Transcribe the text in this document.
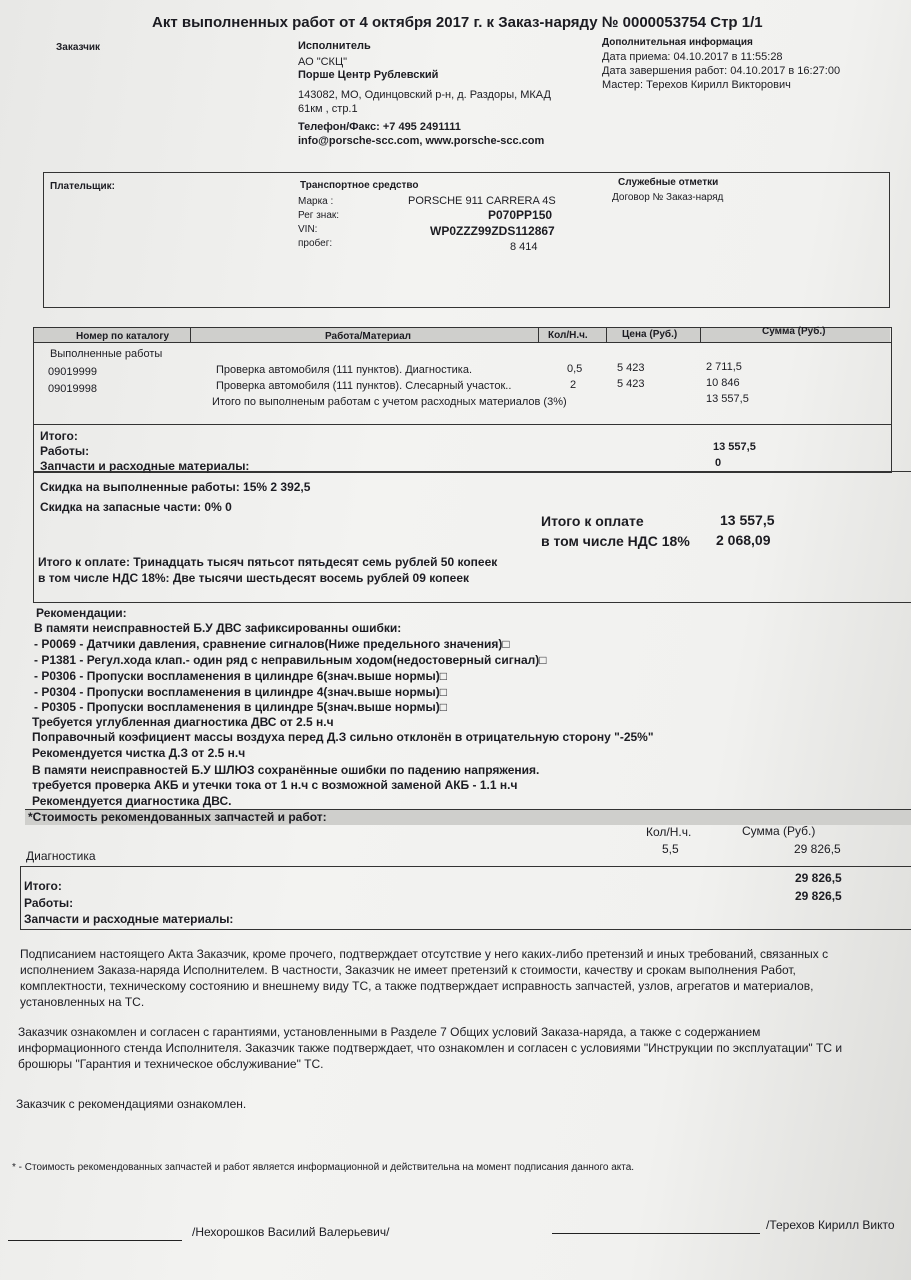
Акт выполненных работ от 4 октября 2017 г. к Заказ-наряду № 0000053754 Стр 1/1
Заказчик	Исполнитель
АО "СКЦ"
Порше Центр Рублевский
143082, МО, Одинцовский р-н, д. Раздоры, МКАД
61км , стр.1
Телефон/Факс: +7 495 2491111
info@porsche-scc.com, www.porsche-scc.com
Дополнительная информация
Дата приема: 04.10.2017 в 11:55:28
Дата завершения работ: 04.10.2017 в 16:27:00
Мастер: Терехов Кирилл Викторович
Плательщик:	Транспортное средство
Марка :	PORSCHE 911 CARRERA 4S
Рег знак:	P070PP150
VIN:	WP0ZZZ99ZDS112867
пробег:	8 414
Служебные отметки
Договор № Заказ-наряд
Номер по каталогу	Работа/Материал	Кол/Н.ч.	Цена (Руб.)	Сумма (Руб.)
Выполненные работы
09019999	Проверка автомобиля (111 пунктов). Диагностика.	0,5	5 423	2 711,5
09019998	Проверка автомобиля (111 пунктов). Слесарный участок..	2	5 423	10 846
Итого по выполненым работам с учетом расходных материалов (3%)	13 557,5
Итого:
Работы:	13 557,5
Запчасти и расходные материалы:	0
Скидка на выполненные работы: 15% 2 392,5
Скидка на запасные части: 0% 0
Итого к оплате	13 557,5
в том числе НДС 18% 2 068,09
Итого к оплате: Тринадцать тысяч пятьсот пятьдесят семь рублей 50 копеек
в том числе НДС 18%: Две тысячи шестьдесят восемь рублей 09 копеек
Рекомендации:
В памяти неисправностей Б.У ДВС зафиксированны ошибки:
- P0069 - Датчики давления, сравнение сигналов(Ниже предельного значения)□
- P1381 - Регул.хода клап.- один ряд с неправильным ходом(недостоверный сигнал)□
- P0306 - Пропуски воспламенения в цилиндре 6(знач.выше нормы)□
- P0304 - Пропуски воспламенения в цилиндре 4(знач.выше нормы)□
- P0305 - Пропуски воспламенения в цилиндре 5(знач.выше нормы)□
Требуется углубленная диагностика ДВС от 2.5 н.ч
Поправочный коэфициент массы воздуха перед Д.З сильно отклонён в отрицательную сторону "-25%"
Рекомендуется чистка Д.З от 2.5 н.ч
В памяти неисправностей Б.У ШЛЮЗ сохранённые ошибки по падению напряжения.
требуется проверка АКБ и утечки тока от 1 н.ч с возможной заменой АКБ - 1.1 н.ч
Рекомендуется диагностика ДВС.
*Стоимость рекомендованных запчастей и работ:
Кол/Н.ч.	Сумма (Руб.)
Диагностика	5,5	29 826,5
Итого:
29 826,5
Работы:	29 826,5
Запчасти и расходные материалы:
Подписанием настоящего Акта Заказчик, кроме прочего, подтверждает отсутствие у него каких-либо претензий и иных требований, связанных с исполнением Заказа-наряда Исполнителем. В частности, Заказчик не имеет претензий к стоимости, качеству и срокам выполнения Работ, комплектности, техническому состоянию и внешнему виду ТС, а также подтверждает исправность запчастей, узлов, агрегатов и материалов, установленных на ТС.
Заказчик ознакомлен и согласен с гарантиями, установленными в Разделе 7 Общих условий Заказа-наряда, а также с содержанием информационного стенда Исполнителя. Заказчик также подтверждает, что ознакомлен и согласен с условиями "Инструкции по эксплуатации" ТС и брошюры "Гарантия и техническое обслуживание" ТС.
Заказчик с рекомендациями ознакомлен.
* - Стоимость рекомендованных запчастей и работ является информационной и действительна на момент подписания данного акта.
/Нехорошков Василий Валерьевич/	/Терехов Кирилл Викто
